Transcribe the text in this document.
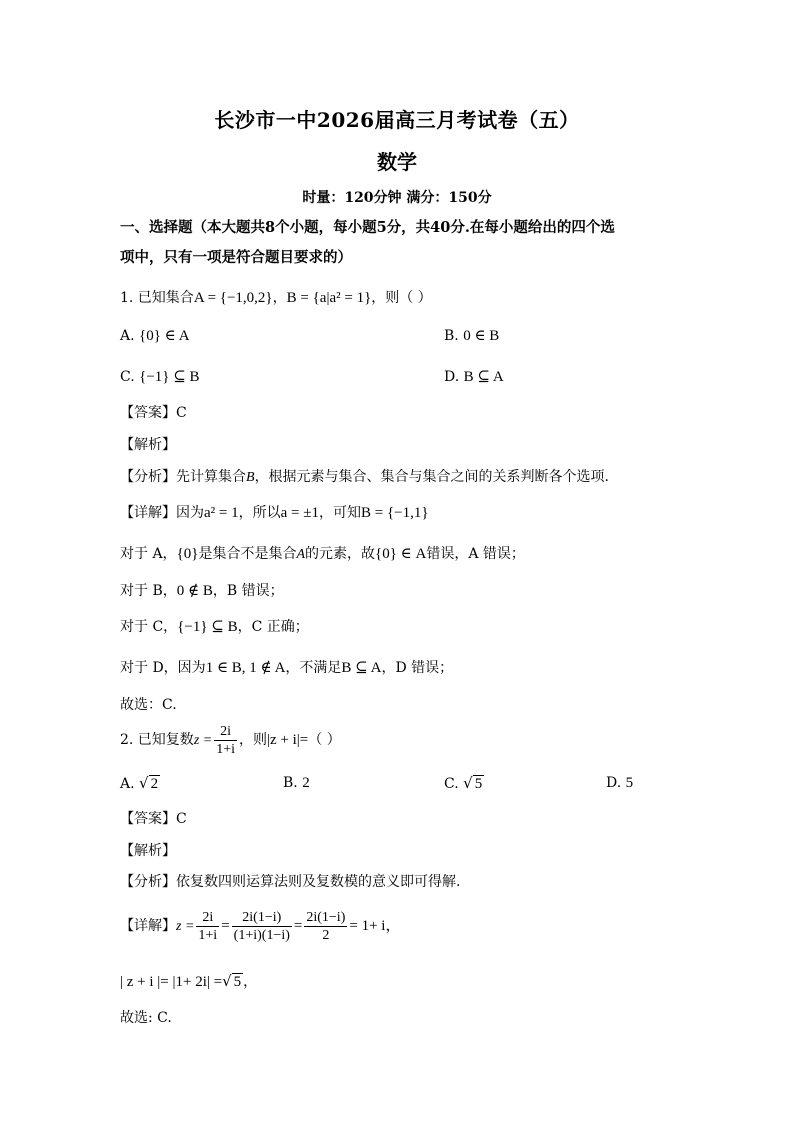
长沙市一中2026届高三月考试卷（五）
数学
时量：120分钟 满分：150分
一、选择题（本大题共8个小题，每小题5分，共40分.在每小题给出的四个选
项中，只有一项是符合题目要求的）
1. 已知集合A = {−1,0,2}，B = {a|a² = 1}，则（ ）
A. {0} ∈ A	B. 0 ∈ B
C. {−1} ⊆ B	D. B ⊆ A
【答案】C
【解析】
【分析】先计算集合B，根据元素与集合、集合与集合之间的关系判断各个选项.
【详解】因为a² = 1，所以a = ±1，可知B = {−1,1}
对于 A，{0}是集合不是集合A的元素，故{0} ∈ A错误，A 错误；
对于 B，0 ∉ B，B 错误；
对于 C，{−1} ⊆ B，C 正确；
对于 D，因为1 ∈ B, 1 ∉ A，不满足B ⊆ A，D 错误；
故选：C.
2. 已知复数$z = \frac{2i}{1+i}$ ，则|z + i|=（ ）
A. √ 2	B. 2	C. √ 5	D. 5
【答案】C
【解析】
【分析】依复数四则运算法则及复数模的意义即可得解.
【详解】$z = \frac{2i}{1+i} = \frac{2i(1-i)}{(1+i)(1-i)} = \frac{2i(1-i)}{2} = 1+ i$，
| z + i |= |1+ 2i| =√ 5 ，
故选: C.
